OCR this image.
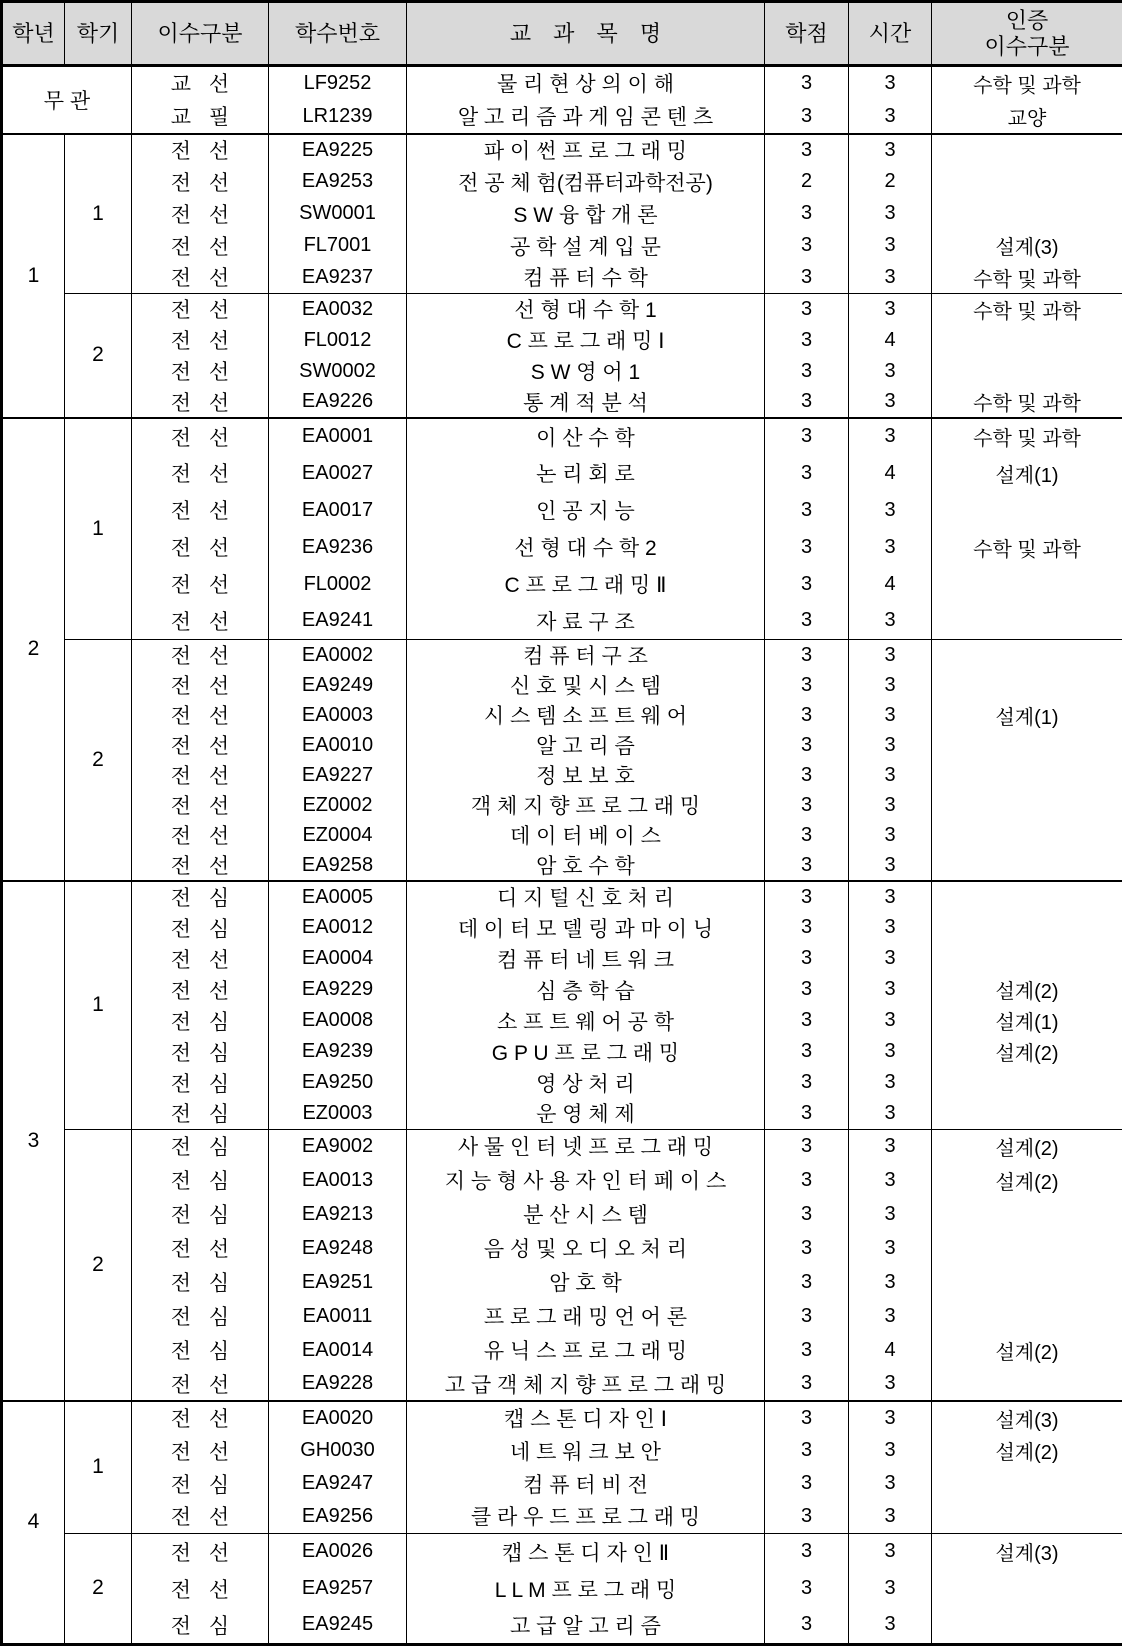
학년	학기	이수구분	학수번호	교 과 목 명	학점	시간	인증
이수구분
무 관		교 선	LF9252	물 리 현 상 의 이 해	3	3	수학 및 과학
		교 필	LR1239	알 고 리 즘 과 게 임 콘 텐 츠	3	3	교양
1	1	전 선	EA9225	파 이 썬 프 로 그 래 밍	3	3	
		전 선	EA9253	전 공 체 험(컴퓨터과학전공)	2	2	
		전 선	SW0001	S W 융 합 개 론	3	3	
		전 선	FL7001	공 학 설 계 입 문	3	3	설계(3)
		전 선	EA9237	컴 퓨 터 수 학	3	3	수학 및 과학
	2	전 선	EA0032	선 형 대 수 학 1	3	3	수학 및 과학
		전 선	FL0012	C 프 로 그 래 밍 Ⅰ	3	4	
		전 선	SW0002	S W 영 어 1	3	3	
		전 선	EA9226	통 계 적 분 석	3	3	수학 및 과학
2	1	전 선	EA0001	이 산 수 학	3	3	수학 및 과학
		전 선	EA0027	논 리 회 로	3	4	설계(1)
		전 선	EA0017	인 공 지 능	3	3	
		전 선	EA9236	선 형 대 수 학 2	3	3	수학 및 과학
		전 선	FL0002	C 프 로 그 래 밍 Ⅱ	3	4	
		전 선	EA9241	자 료 구 조	3	3	
	2	전 선	EA0002	컴 퓨 터 구 조	3	3	
		전 선	EA9249	신 호 및 시 스 템	3	3	
		전 선	EA0003	시 스 템 소 프 트 웨 어	3	3	설계(1)
		전 선	EA0010	알 고 리 즘	3	3	
		전 선	EA9227	정 보 보 호	3	3	
		전 선	EZ0002	객 체 지 향 프 로 그 래 밍	3	3	
		전 선	EZ0004	데 이 터 베 이 스	3	3	
		전 선	EA9258	암 호 수 학	3	3	
3	1	전 심	EA0005	디 지 털 신 호 처 리	3	3	
		전 심	EA0012	데 이 터 모 델 링 과 마 이 닝	3	3	
		전 선	EA0004	컴 퓨 터 네 트 워 크	3	3	
		전 선	EA9229	심 층 학 습	3	3	설계(2)
		전 심	EA0008	소 프 트 웨 어 공 학	3	3	설계(1)
		전 심	EA9239	G P U 프 로 그 래 밍	3	3	설계(2)
		전 심	EA9250	영 상 처 리	3	3	
		전 심	EZ0003	운 영 체 제	3	3	
	2	전 심	EA9002	사 물 인 터 넷 프 로 그 래 밍	3	3	설계(2)
		전 심	EA0013	지 능 형 사 용 자 인 터 페 이 스	3	3	설계(2)
		전 심	EA9213	분 산 시 스 템	3	3	
		전 선	EA9248	음 성 및 오 디 오 처 리	3	3	
		전 심	EA9251	암 호 학	3	3	
		전 심	EA0011	프 로 그 래 밍 언 어 론	3	3	
		전 심	EA0014	유 닉 스 프 로 그 래 밍	3	4	설계(2)
		전 선	EA9228	고 급 객 체 지 향 프 로 그 래 밍	3	3	
4	1	전 선	EA0020	캡 스 톤 디 자 인 Ⅰ	3	3	설계(3)
		전 선	GH0030	네 트 워 크 보 안	3	3	설계(2)
		전 심	EA9247	컴 퓨 터 비 전	3	3	
		전 선	EA9256	클 라 우 드 프 로 그 래 밍	3	3	
	2	전 선	EA0026	캡 스 톤 디 자 인 Ⅱ	3	3	설계(3)
		전 선	EA9257	L L M 프 로 그 래 밍	3	3	
		전 심	EA9245	고 급 알 고 리 즘	3	3	
